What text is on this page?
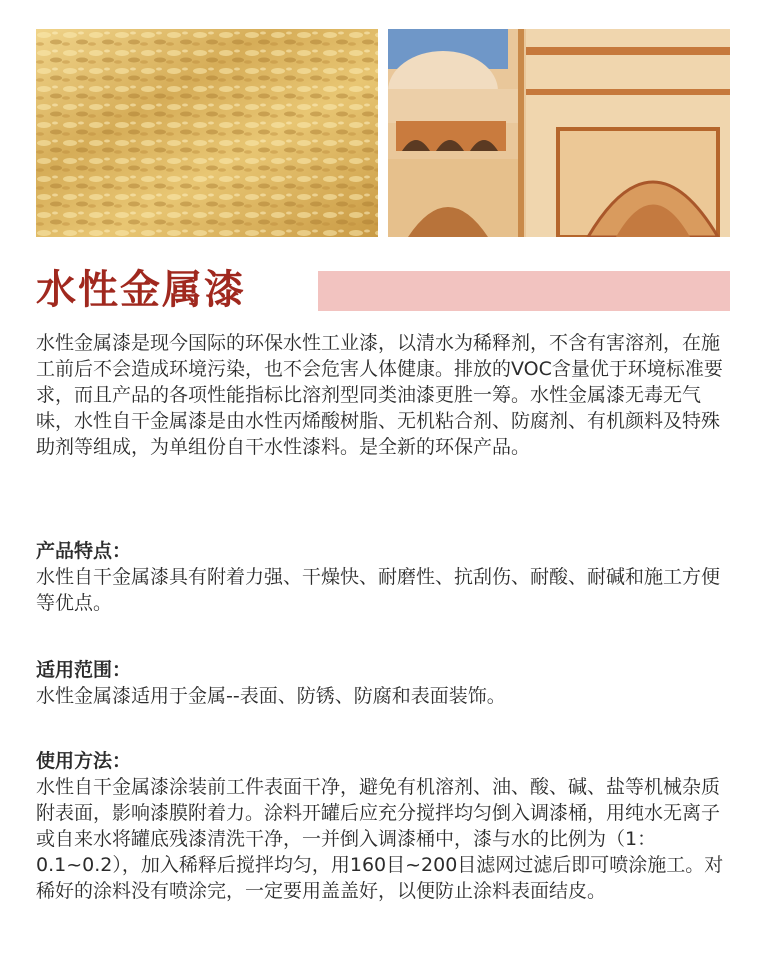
水性金属漆

水性金属漆是现今国际的环保水性工业漆，以清水为稀释剂，不含有害溶剂，在施工前后不会造成环境污染，也不会危害人体健康。排放的VOC含量优于环境标准要求，而且产品的各项性能指标比溶剂型同类油漆更胜一筹。水性金属漆无毒无气味，水性自干金属漆是由水性丙烯酸树脂、无机粘合剂、防腐剂、有机颜料及特殊助剂等组成，为单组份自干水性漆料。是全新的环保产品。

产品特点：

水性自干金属漆具有附着力强、干燥快、耐磨性、抗刮伤、耐酸、耐碱和施工方便等优点。

适用范围：

水性金属漆适用于金属--表面、防锈、防腐和表面装饰。

使用方法：

水性自干金属漆涂装前工件表面干净，避免有机溶剂、油、酸、碱、盐等机械杂质附表面，影响漆膜附着力。涂料开罐后应充分搅拌均匀倒入调漆桶，用纯水无离子或自来水将罐底残漆清洗干净，一并倒入调漆桶中，漆与水的比例为（1：0.1~0.2），加入稀释后搅拌均匀，用160目~200目滤网过滤后即可喷涂施工。对稀好的涂料没有喷涂完，一定要用盖盖好，以便防止涂料表面结皮。
